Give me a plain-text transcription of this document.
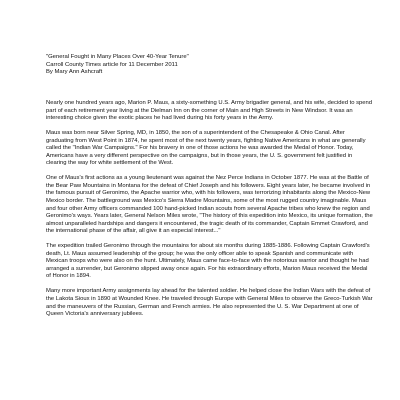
"General Fought in Many Places Over 40-Year Tenure"
Carroll County Times article for 11 December 2011
By Mary Ann Ashcraft

Nearly one hundred years ago, Marion P. Maus, a sixty-something U.S. Army brigadier general, and his wife, decided to spend part of each retirement year living at the Dielman Inn on the corner of Main and High Streets in New Windsor. It was an interesting choice given the exotic places he had lived during his forty years in the Army.

Maus was born near Silver Spring, MD, in 1850, the son of a superintendent of the Chesapeake & Ohio Canal. After graduating from West Point in 1874, he spent most of the next twenty years, fighting Native Americans in what are generally called the "Indian War Campaigns." For his bravery in one of those actions he was awarded the Medal of Honor. Today, Americans have a very different perspective on the campaigns, but in those years, the U. S. government felt justified in clearing the way for white settlement of the West.

One of Maus's first actions as a young lieutenant was against the Nez Perce Indians in October 1877. He was at the Battle of the Bear Paw Mountains in Montana for the defeat of Chief Joseph and his followers. Eight years later, he became involved in the famous pursuit of Geronimo, the Apache warrior who, with his followers, was terrorizing inhabitants along the Mexico-New Mexico border. The battleground was Mexico's Sierra Madre Mountains, some of the most rugged country imaginable. Maus and four other Army officers commanded 100 hand-picked Indian scouts from several Apache tribes who knew the region and Geronimo's ways. Years later, General Nelson Miles wrote, "The history of this expedition into Mexico, its unique formation, the almost unparalleled hardships and dangers it encountered, the tragic death of its commander, Captain Emmet Crawford, and the international phase of the affair, all give it an especial interest..."

The expedition trailed Geronimo through the mountains for about six months during 1885-1886. Following Captain Crawford's death, Lt. Maus assumed leadership of the group; he was the only officer able to speak Spanish and communicate with Mexican troops who were also on the hunt. Ultimately, Maus came face-to-face with the notorious warrior and thought he had arranged a surrender, but Geronimo slipped away once again. For his extraordinary efforts, Marion Maus received the Medal of Honor in 1894.

Many more important Army assignments lay ahead for the talented soldier. He helped close the Indian Wars with the defeat of the Lakota Sioux in 1890 at Wounded Knee. He traveled through Europe with General Miles to observe the Greco-Turkish War and the maneuvers of the Russian, German and French armies. He also represented the U. S. War Department at one of Queen Victoria's anniversary jubilees.
